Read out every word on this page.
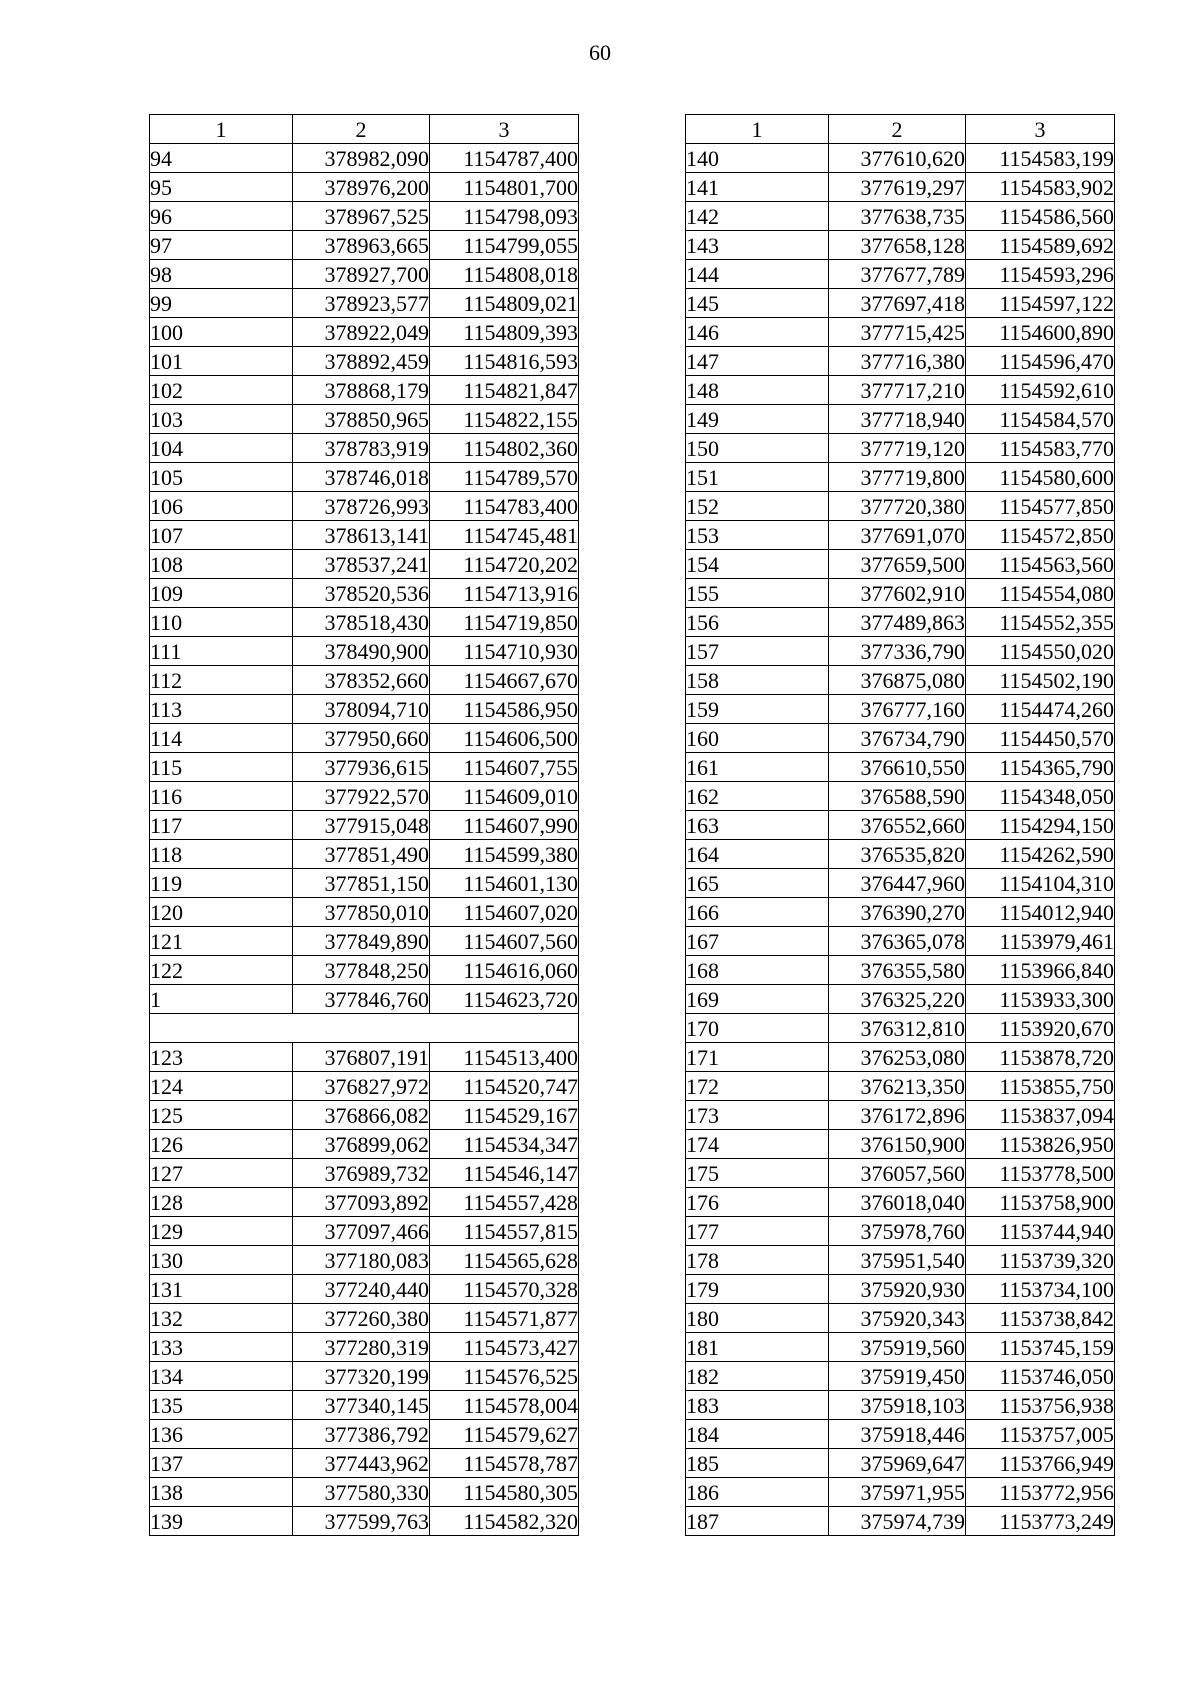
60
1	2	3
94	378982,090	1154787,400
95	378976,200	1154801,700
96	378967,525	1154798,093
97	378963,665	1154799,055
98	378927,700	1154808,018
99	378923,577	1154809,021
100	378922,049	1154809,393
101	378892,459	1154816,593
102	378868,179	1154821,847
103	378850,965	1154822,155
104	378783,919	1154802,360
105	378746,018	1154789,570
106	378726,993	1154783,400
107	378613,141	1154745,481
108	378537,241	1154720,202
109	378520,536	1154713,916
110	378518,430	1154719,850
111	378490,900	1154710,930
112	378352,660	1154667,670
113	378094,710	1154586,950
114	377950,660	1154606,500
115	377936,615	1154607,755
116	377922,570	1154609,010
117	377915,048	1154607,990
118	377851,490	1154599,380
119	377851,150	1154601,130
120	377850,010	1154607,020
121	377849,890	1154607,560
122	377848,250	1154616,060
1	377846,760	1154623,720

123	376807,191	1154513,400
124	376827,972	1154520,747
125	376866,082	1154529,167
126	376899,062	1154534,347
127	376989,732	1154546,147
128	377093,892	1154557,428
129	377097,466	1154557,815
130	377180,083	1154565,628
131	377240,440	1154570,328
132	377260,380	1154571,877
133	377280,319	1154573,427
134	377320,199	1154576,525
135	377340,145	1154578,004
136	377386,792	1154579,627
137	377443,962	1154578,787
138	377580,330	1154580,305
139	377599,763	1154582,320
1	2	3
140	377610,620	1154583,199
141	377619,297	1154583,902
142	377638,735	1154586,560
143	377658,128	1154589,692
144	377677,789	1154593,296
145	377697,418	1154597,122
146	377715,425	1154600,890
147	377716,380	1154596,470
148	377717,210	1154592,610
149	377718,940	1154584,570
150	377719,120	1154583,770
151	377719,800	1154580,600
152	377720,380	1154577,850
153	377691,070	1154572,850
154	377659,500	1154563,560
155	377602,910	1154554,080
156	377489,863	1154552,355
157	377336,790	1154550,020
158	376875,080	1154502,190
159	376777,160	1154474,260
160	376734,790	1154450,570
161	376610,550	1154365,790
162	376588,590	1154348,050
163	376552,660	1154294,150
164	376535,820	1154262,590
165	376447,960	1154104,310
166	376390,270	1154012,940
167	376365,078	1153979,461
168	376355,580	1153966,840
169	376325,220	1153933,300
170	376312,810	1153920,670
171	376253,080	1153878,720
172	376213,350	1153855,750
173	376172,896	1153837,094
174	376150,900	1153826,950
175	376057,560	1153778,500
176	376018,040	1153758,900
177	375978,760	1153744,940
178	375951,540	1153739,320
179	375920,930	1153734,100
180	375920,343	1153738,842
181	375919,560	1153745,159
182	375919,450	1153746,050
183	375918,103	1153756,938
184	375918,446	1153757,005
185	375969,647	1153766,949
186	375971,955	1153772,956
187	375974,739	1153773,249
